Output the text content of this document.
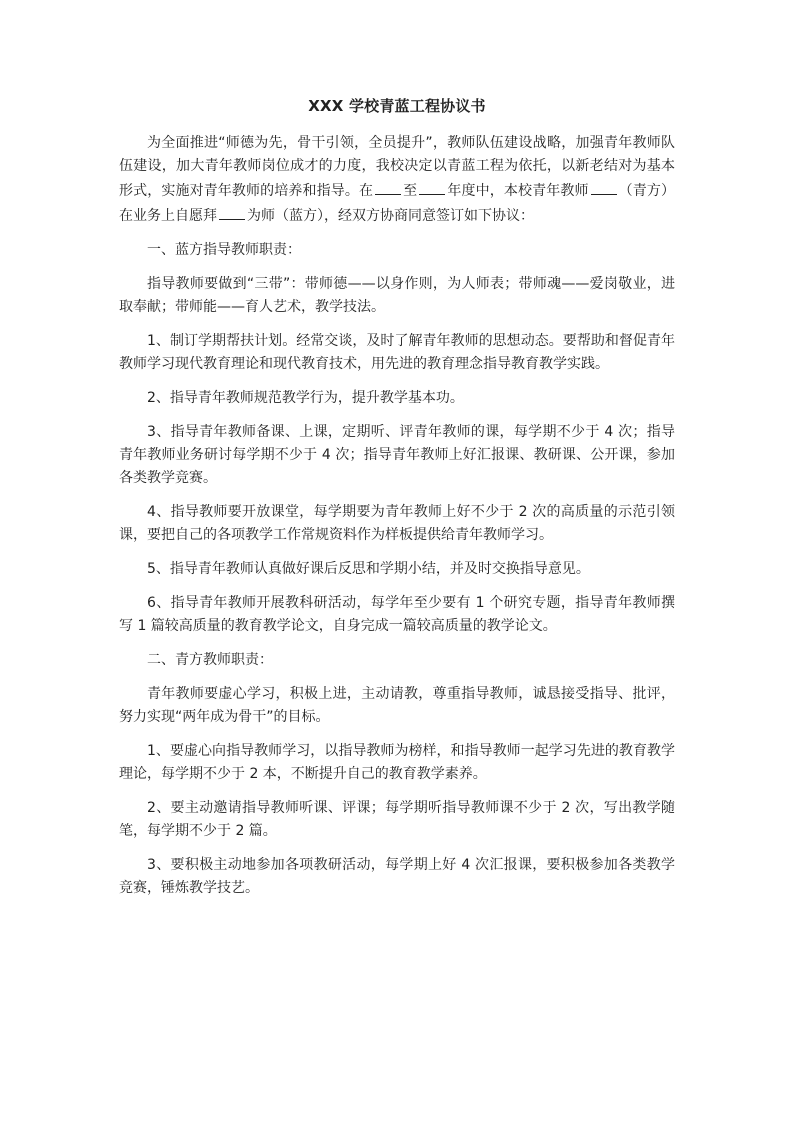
XXX 学校青蓝工程协议书

为全面推进“师德为先，骨干引领，全员提升”，教师队伍建设战略，加强青年教师队伍建设，加大青年教师岗位成才的力度，我校决定以青蓝工程为依托，以新老结对为基本形式，实施对青年教师的培养和指导。在 至 年度中，本校青年教师 （青方）在业务上自愿拜 为师（蓝方），经双方协商同意签订如下协议：

一、蓝方指导教师职责：

指导教师要做到“三带”：带师德——以身作则，为人师表；带师魂——爱岗敬业，进取奉献；带师能——育人艺术，教学技法。

1、制订学期帮扶计划。经常交谈，及时了解青年教师的思想动态。要帮助和督促青年教师学习现代教育理论和现代教育技术，用先进的教育理念指导教育教学实践。

2、指导青年教师规范教学行为，提升教学基本功。

3、指导青年教师备课、上课，定期听、评青年教师的课，每学期不少于 4 次；指导青年教师业务研讨每学期不少于 4 次；指导青年教师上好汇报课、教研课、公开课，参加各类教学竞赛。

4、指导教师要开放课堂，每学期要为青年教师上好不少于 2 次的高质量的示范引领课，要把自己的各项教学工作常规资料作为样板提供给青年教师学习。

5、指导青年教师认真做好课后反思和学期小结，并及时交换指导意见。

6、指导青年教师开展教科研活动，每学年至少要有 1 个研究专题，指导青年教师撰写 1 篇较高质量的教育教学论文，自身完成一篇较高质量的教学论文。

二、青方教师职责：

青年教师要虚心学习，积极上进，主动请教，尊重指导教师，诚恳接受指导、批评，努力实现“两年成为骨干”的目标。

1、要虚心向指导教师学习，以指导教师为榜样，和指导教师一起学习先进的教育教学理论，每学期不少于 2 本，不断提升自己的教育教学素养。

2、要主动邀请指导教师听课、评课；每学期听指导教师课不少于 2 次，写出教学随笔，每学期不少于 2 篇。

3、要积极主动地参加各项教研活动，每学期上好 4 次汇报课，要积极参加各类教学竞赛，锤炼教学技艺。
